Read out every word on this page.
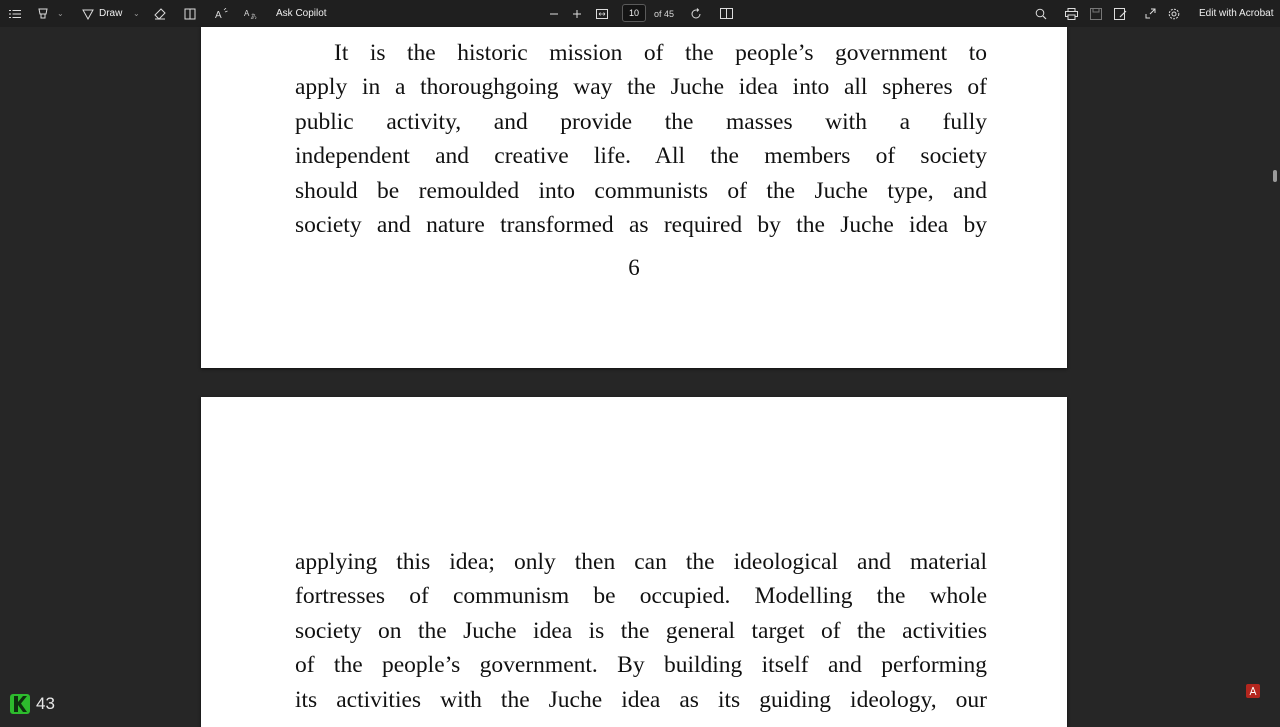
⌄	Draw ⌄	A	A あ Ask Copilot
10	of 45	Edit with Acrobat
It is the historic mission of the people’s government to
apply in a thoroughgoing way the Juche idea into all spheres of
public activity, and provide the masses with a fully
independent and creative life. All the members of society
should be remoulded into communists of the Juche type, and
society and nature transformed as required by the Juche idea by
6
applying this idea; only then can the ideological and material
fortresses of communism be occupied. Modelling the whole
society on the Juche idea is the general target of the activities
of the people’s government. By building itself and performing
its activities with the Juche idea as its guiding ideology, our
43
